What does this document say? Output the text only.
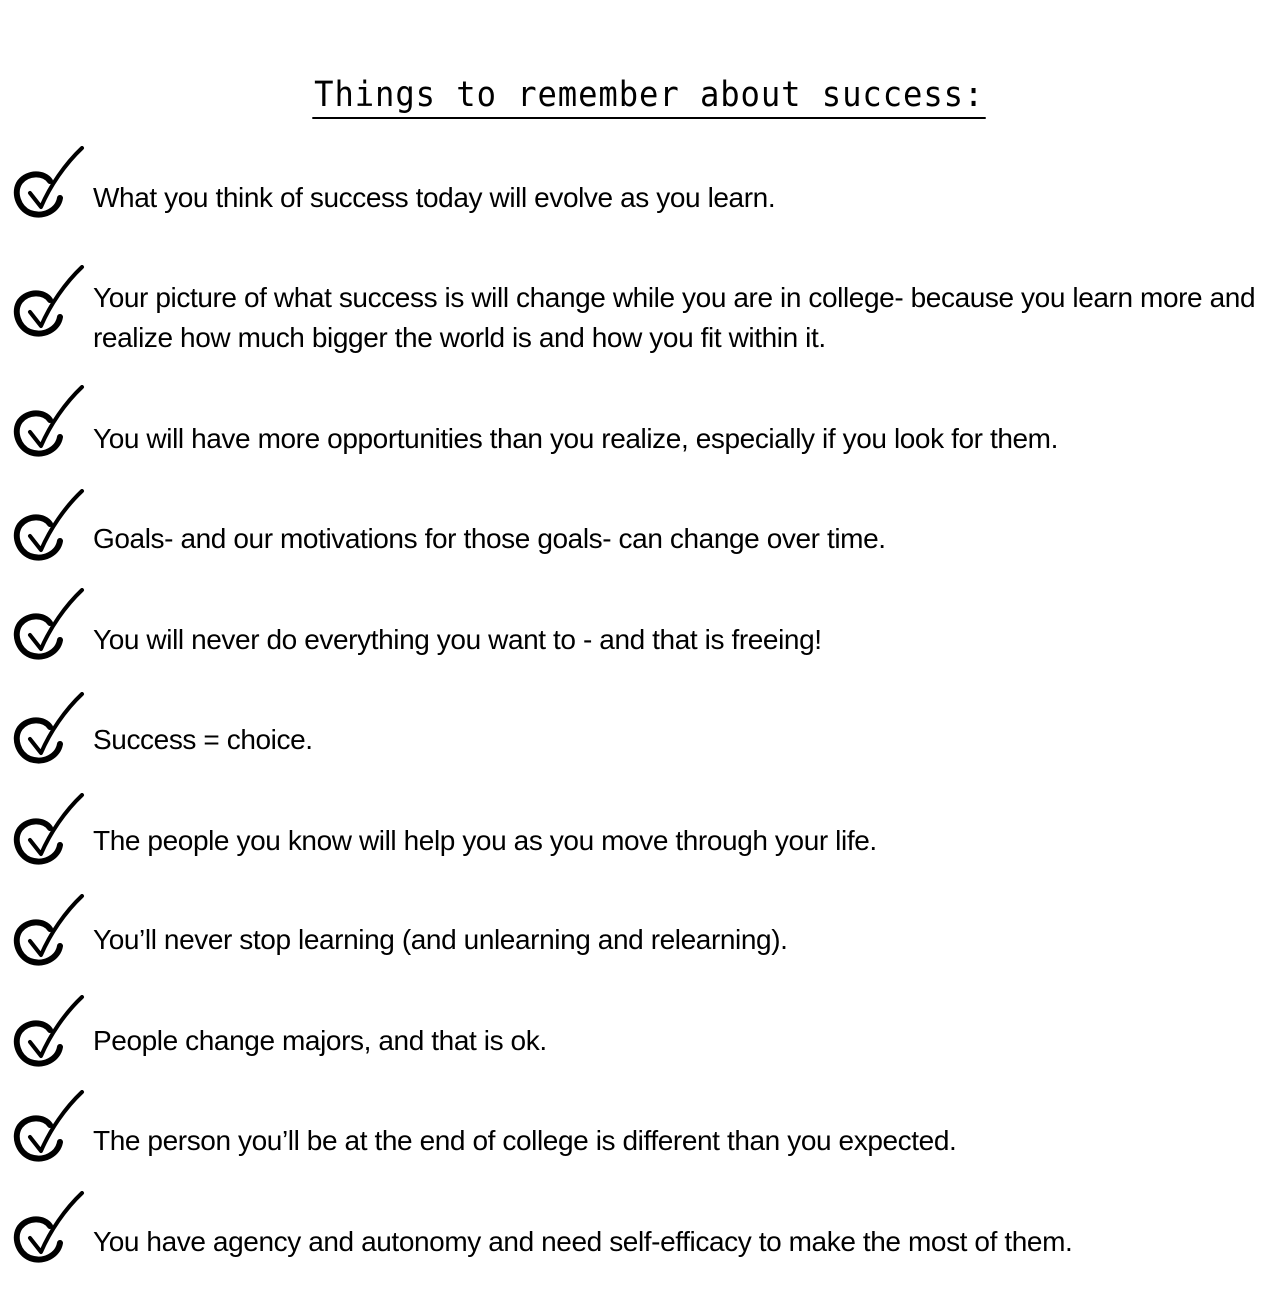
Things to remember about success:
What you think of success today will evolve as you learn.
Your picture of what success is will change while you are in college- because you learn more and realize how much bigger the world is and how you fit within it.
You will have more opportunities than you realize, especially if you look for them.
Goals- and our motivations for those goals- can change over time.
You will never do everything you want to - and that is freeing!
Success = choice.
The people you know will help you as you move through your life.
You’ll never stop learning (and unlearning and relearning).
People change majors, and that is ok.
The person you’ll be at the end of college is different than you expected.
You have agency and autonomy and need self-efficacy to make the most of them.
